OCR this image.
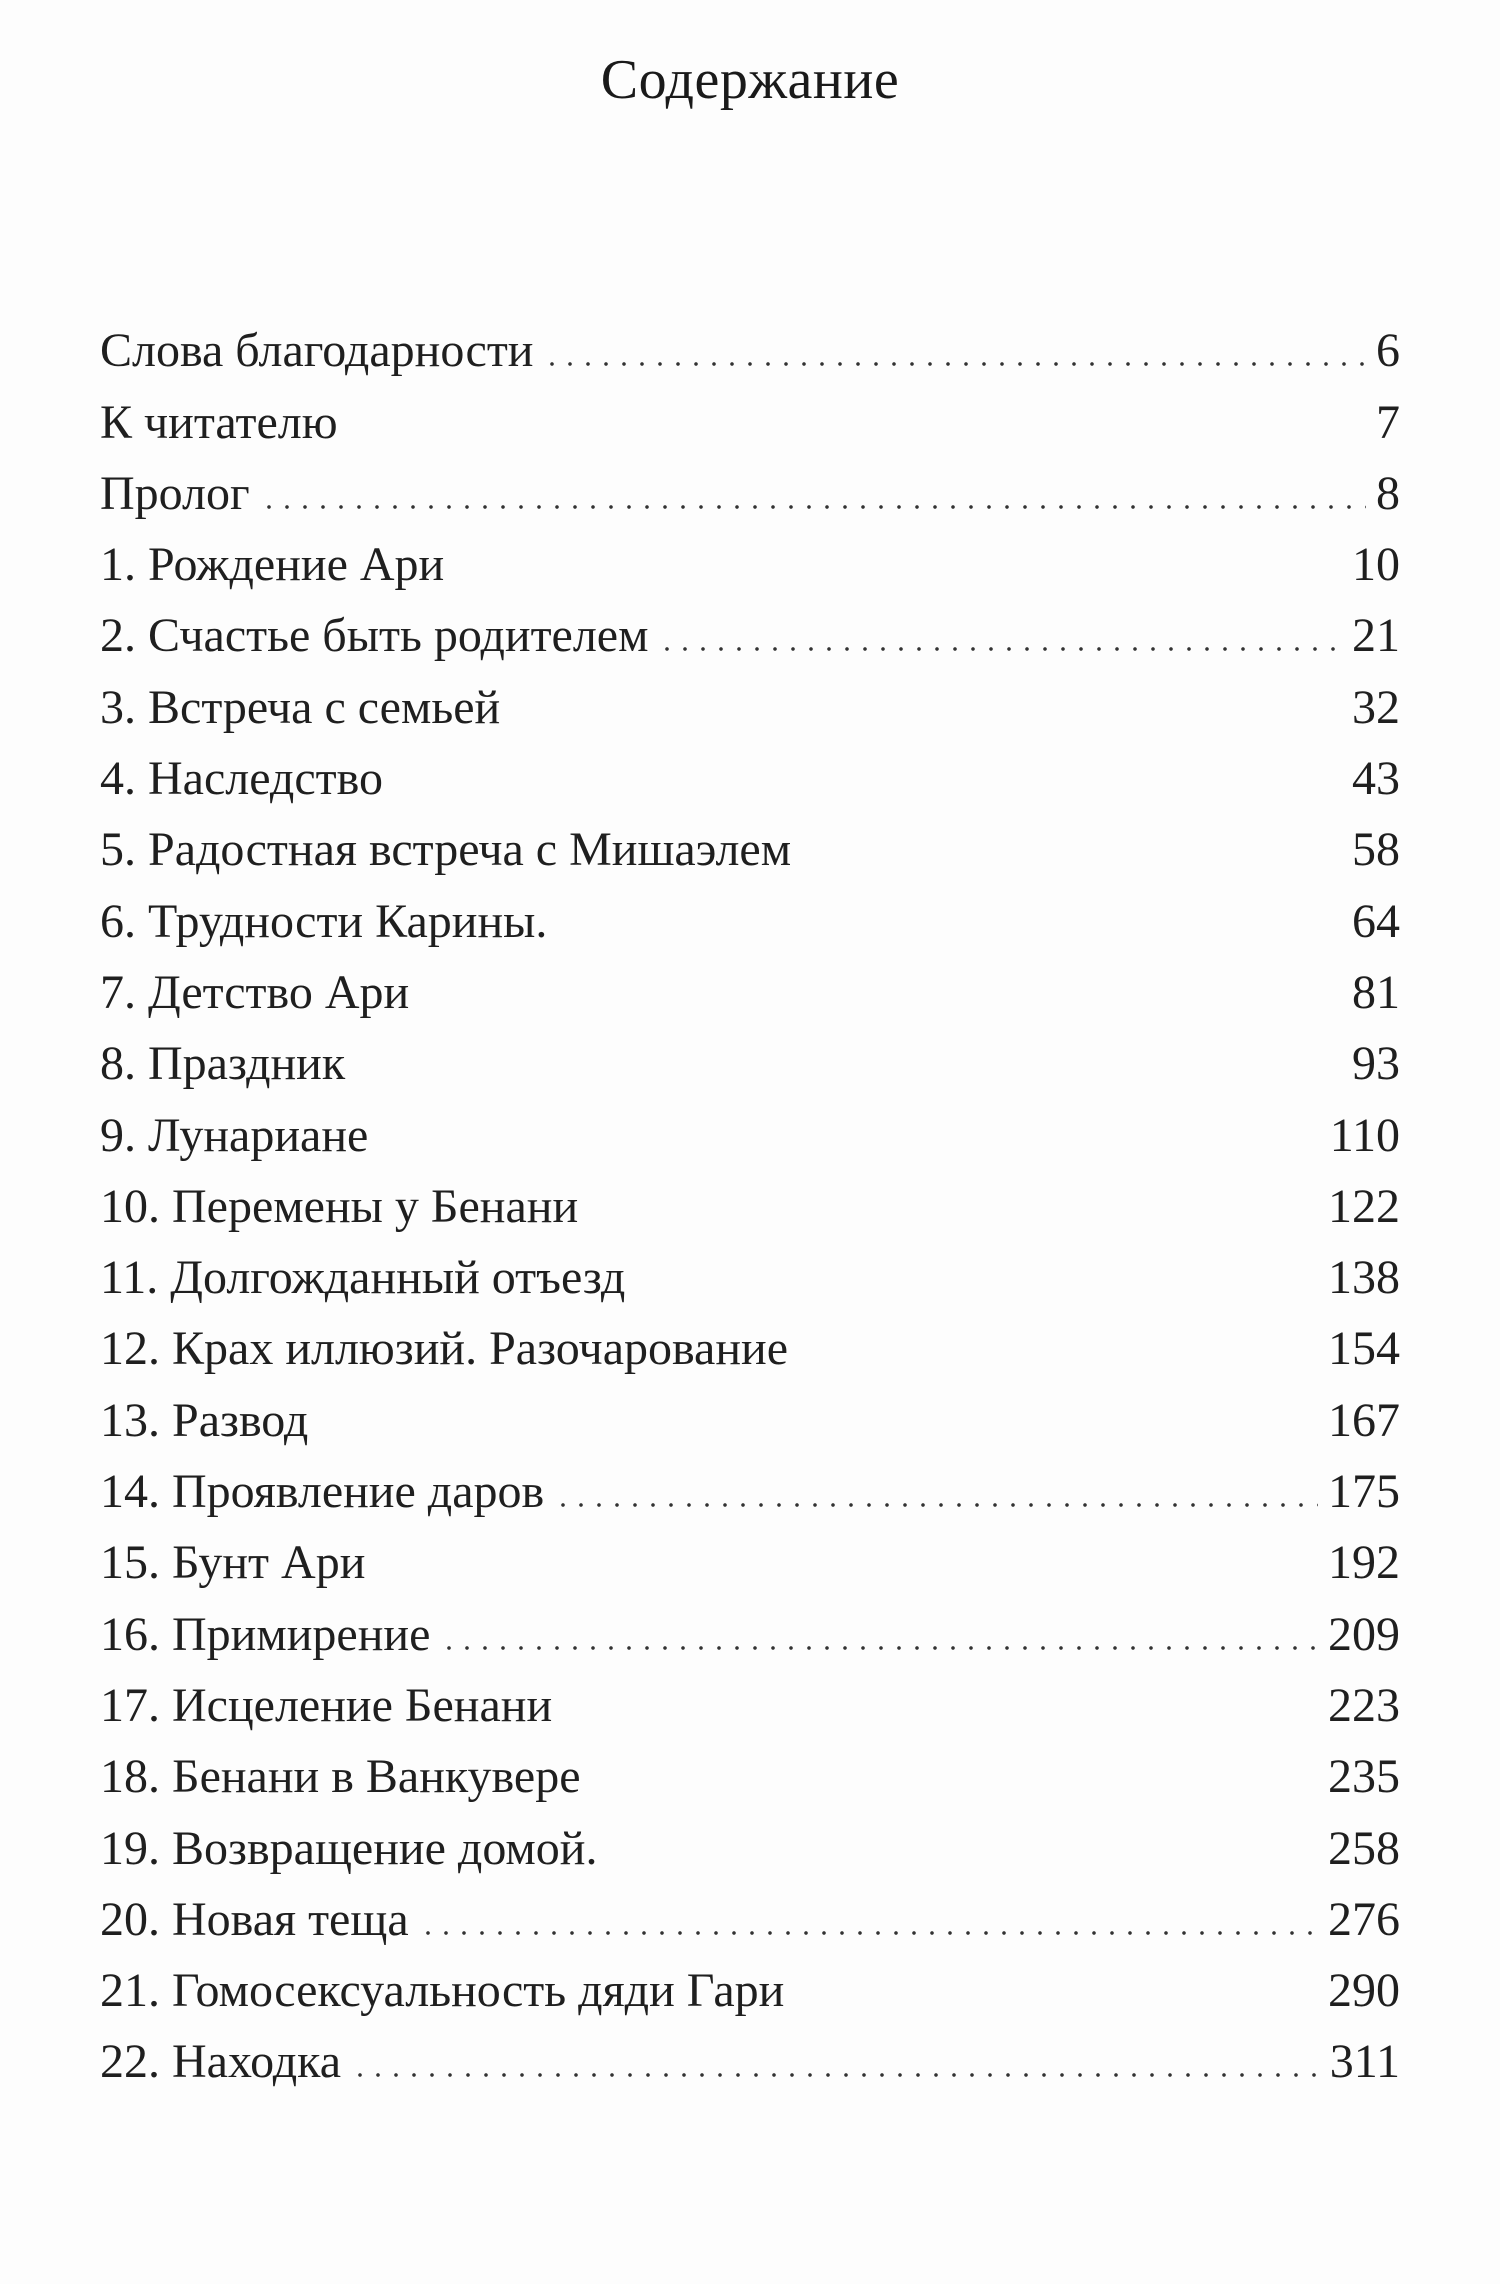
Содержание
Слова благодарности	6
К читателю	7
Пролог	8
1. Рождение Ари	10
2. Счастье быть родителем	21
3. Встреча с семьей	32
4. Наследство	43
5. Радостная встреча с Мишаэлем	58
6. Трудности Карины.	64
7. Детство Ари	81
8. Праздник	93
9. Лунариане	110
10. Перемены у Бенани	122
11. Долгожданный отъезд	138
12. Крах иллюзий. Разочарование	154
13. Развод	167
14. Проявление даров	175
15. Бунт Ари	192
16. Примирение	209
17. Исцеление Бенани	223
18. Бенани в Ванкувере	235
19. Возвращение домой.	258
20. Новая теща	276
21. Гомосексуальность дяди Гари	290
22. Находка	311
